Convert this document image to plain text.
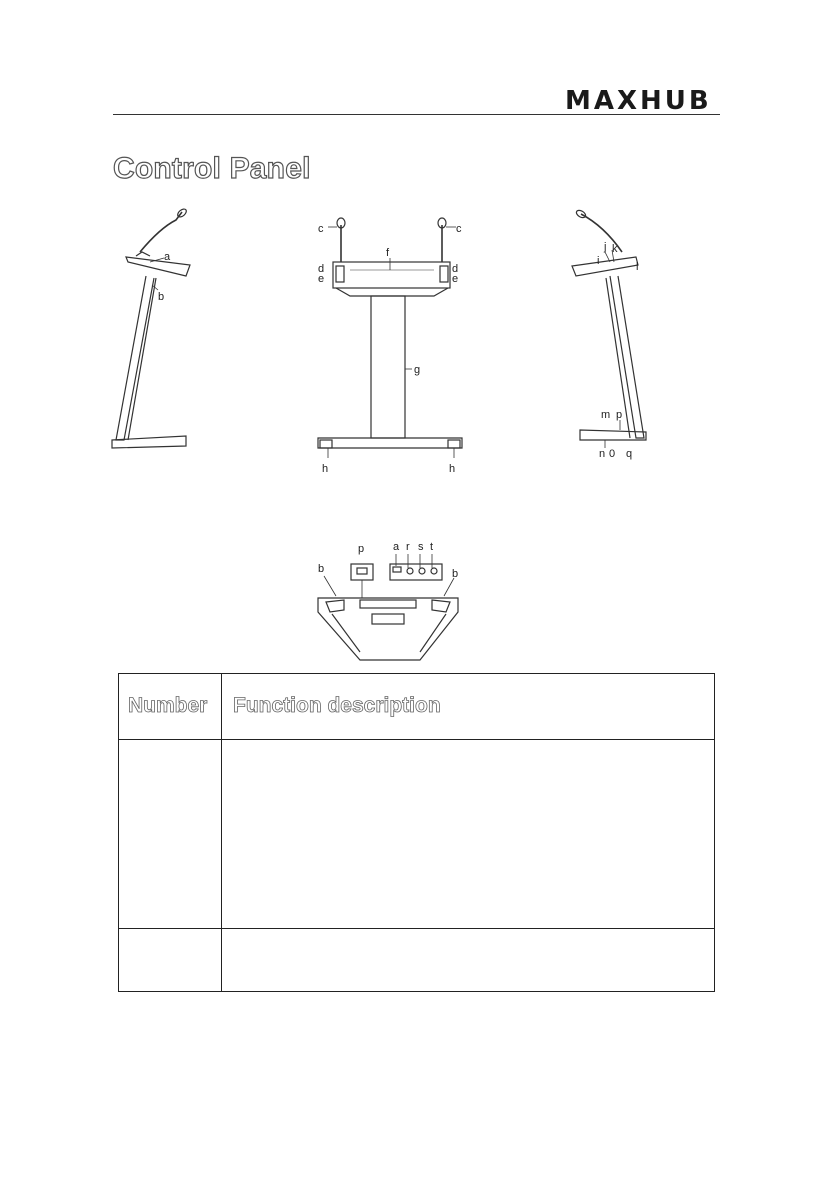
MAXHUB
Control Panel
a
b
c	c
f
d
e
d
e
g
h	h
j k
i	l
m p
n 0 q
p	a r s t
b	b
Number Function description
